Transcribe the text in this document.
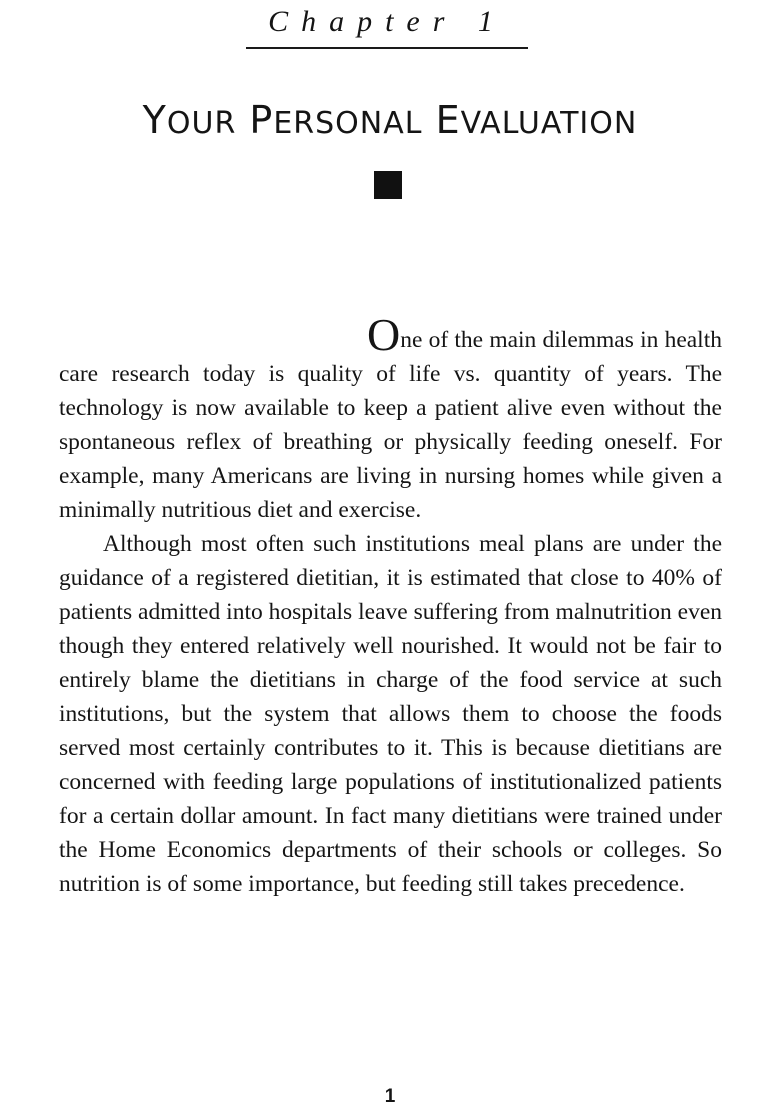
Chapter 1
YOUR PERSONAL EVALUATION

One of the main dilemmas in health care research today is quality of life vs. quantity of years. The technology is now available to keep a patient alive even without the spontaneous reflex of breathing or physically feeding oneself. For example, many Americans are living in nursing homes while given a minimally nutritious diet and exercise.

Although most often such institutions meal plans are under the guidance of a registered dietitian, it is estimated that close to 40% of patients admitted into hospitals leave suffering from malnutrition even though they entered relatively well nourished. It would not be fair to entirely blame the dietitians in charge of the food service at such institutions, but the system that allows them to choose the foods served most certainly contributes to it. This is because dietitians are concerned with feeding large populations of institutionalized patients for a certain dollar amount. In fact many dietitians were trained under the Home Economics departments of their schools or colleges. So nutrition is of some importance, but feeding still takes precedence.

1
